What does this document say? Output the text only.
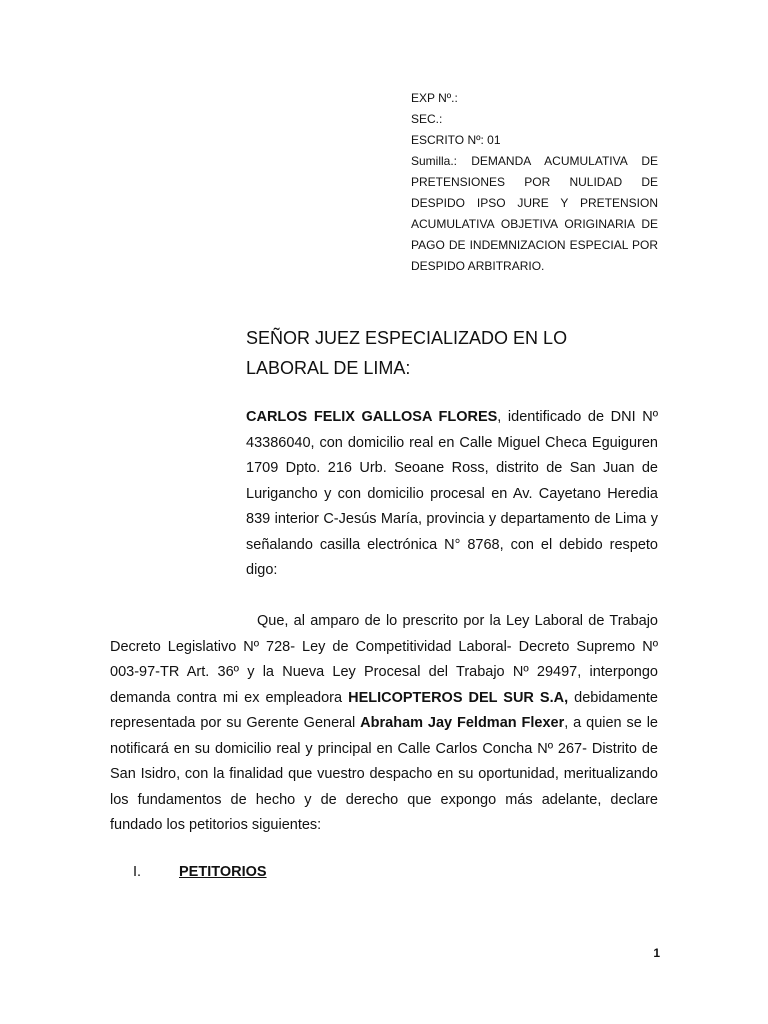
EXP Nº.:
SEC.:
ESCRITO Nº: 01
Sumilla.: DEMANDA ACUMULATIVA DE PRETENSIONES POR NULIDAD DE DESPIDO IPSO JURE Y PRETENSION ACUMULATIVA OBJETIVA ORIGINARIA DE PAGO DE INDEMNIZACION ESPECIAL POR DESPIDO ARBITRARIO.
SEÑOR JUEZ ESPECIALIZADO EN LO
LABORAL DE LIMA:

CARLOS FELIX GALLOSA FLORES, identificado de DNI Nº 43386040, con domicilio real en Calle Miguel Checa Eguiguren 1709 Dpto. 216 Urb. Seoane Ross, distrito de San Juan de Lurigancho y con domicilio procesal en Av. Cayetano Heredia 839 interior C-Jesús María, provincia y departamento de Lima y señalando casilla electrónica N° 8768, con el debido respeto digo:

Que, al amparo de lo prescrito por la Ley Laboral de Trabajo Decreto Legislativo Nº 728- Ley de Competitividad Laboral- Decreto Supremo Nº 003-97-TR Art. 36º y la Nueva Ley Procesal del Trabajo Nº 29497, interpongo demanda contra mi ex empleadora HELICOPTEROS DEL SUR S.A, debidamente representada por su Gerente General Abraham Jay Feldman Flexer, a quien se le notificará en su domicilio real y principal en Calle Carlos Concha Nº 267- Distrito de San Isidro, con la finalidad que vuestro despacho en su oportunidad, meritualizando los fundamentos de hecho y de derecho que expongo más adelante, declare fundado los petitorios siguientes:

I.	PETITORIOS
1
